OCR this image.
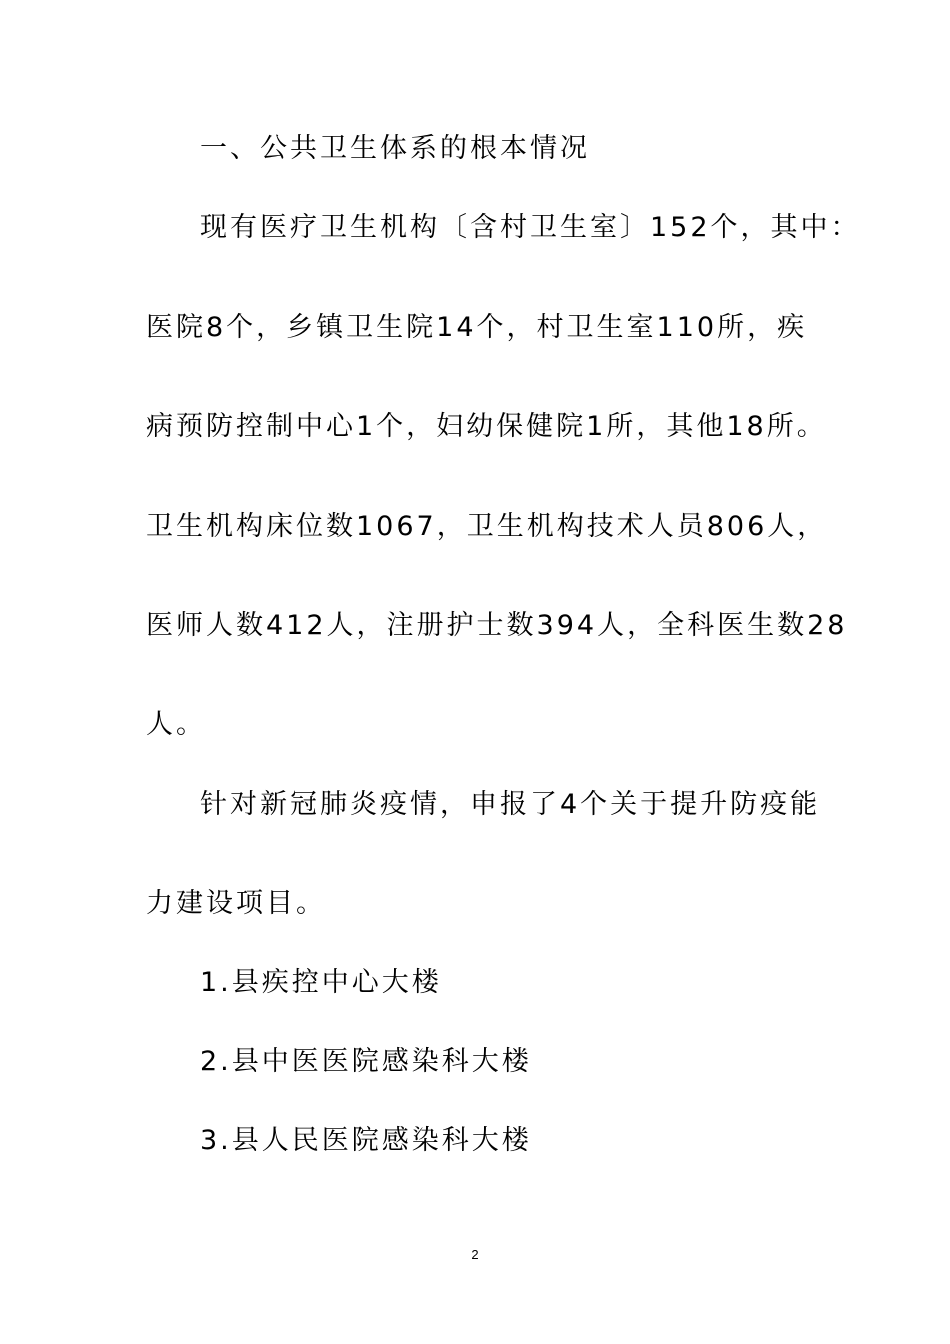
一、公共卫生体系的根本情况
现有医疗卫生机构〔含村卫生室〕152个，其中：
医院8个，乡镇卫生院14个，村卫生室110所，疾
病预防控制中心1个，妇幼保健院1所，其他18所。
卫生机构床位数1067，卫生机构技术人员806人，
医师人数412人，注册护士数394人，全科医生数28
人。
针对新冠肺炎疫情，申报了4个关于提升防疫能
力建设项目。
1.县疾控中心大楼
2.县中医医院感染科大楼
3.县人民医院感染科大楼
2
